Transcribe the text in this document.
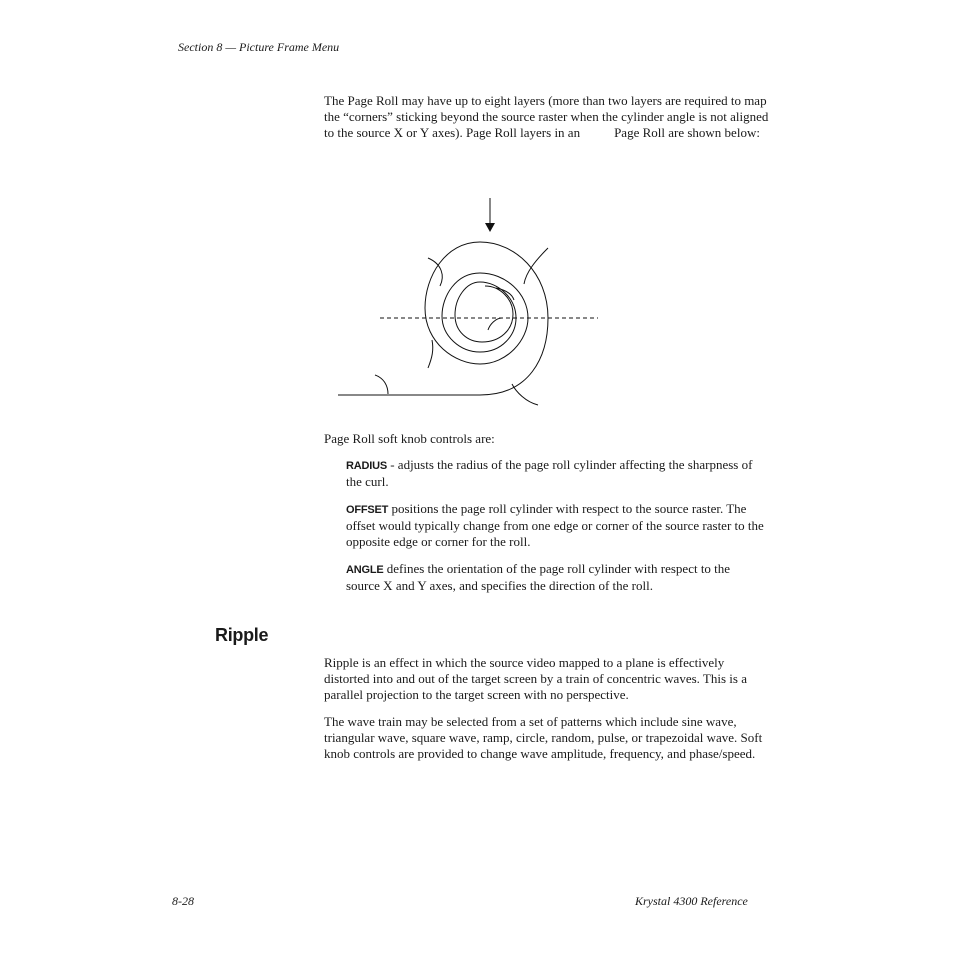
Section 8 — Picture Frame Menu
The Page Roll may have up to eight layers (more than two layers are required to map the “corners” sticking beyond the source raster when the cylinder angle is not aligned to the source X or Y axes). Page Roll layers in an	Page Roll are shown below:
Page Roll soft knob controls are:
RADIUS - adjusts the radius of the page roll cylinder affecting the sharpness of the curl.
OFFSET positions the page roll cylinder with respect to the source raster. The offset would typically change from one edge or corner of the source raster to the opposite edge or corner for the roll.
ANGLE defines the orientation of the page roll cylinder with respect to the source X and Y axes, and specifies the direction of the roll.
Ripple
Ripple is an effect in which the source video mapped to a plane is effectively distorted into and out of the target screen by a train of concentric waves. This is a parallel projection to the target screen with no perspective.
The wave train may be selected from a set of patterns which include sine wave, triangular wave, square wave, ramp, circle, random, pulse, or trapezoidal wave. Soft knob controls are provided to change wave amplitude, frequency, and phase/speed.
8-28	Krystal 4300 Reference
